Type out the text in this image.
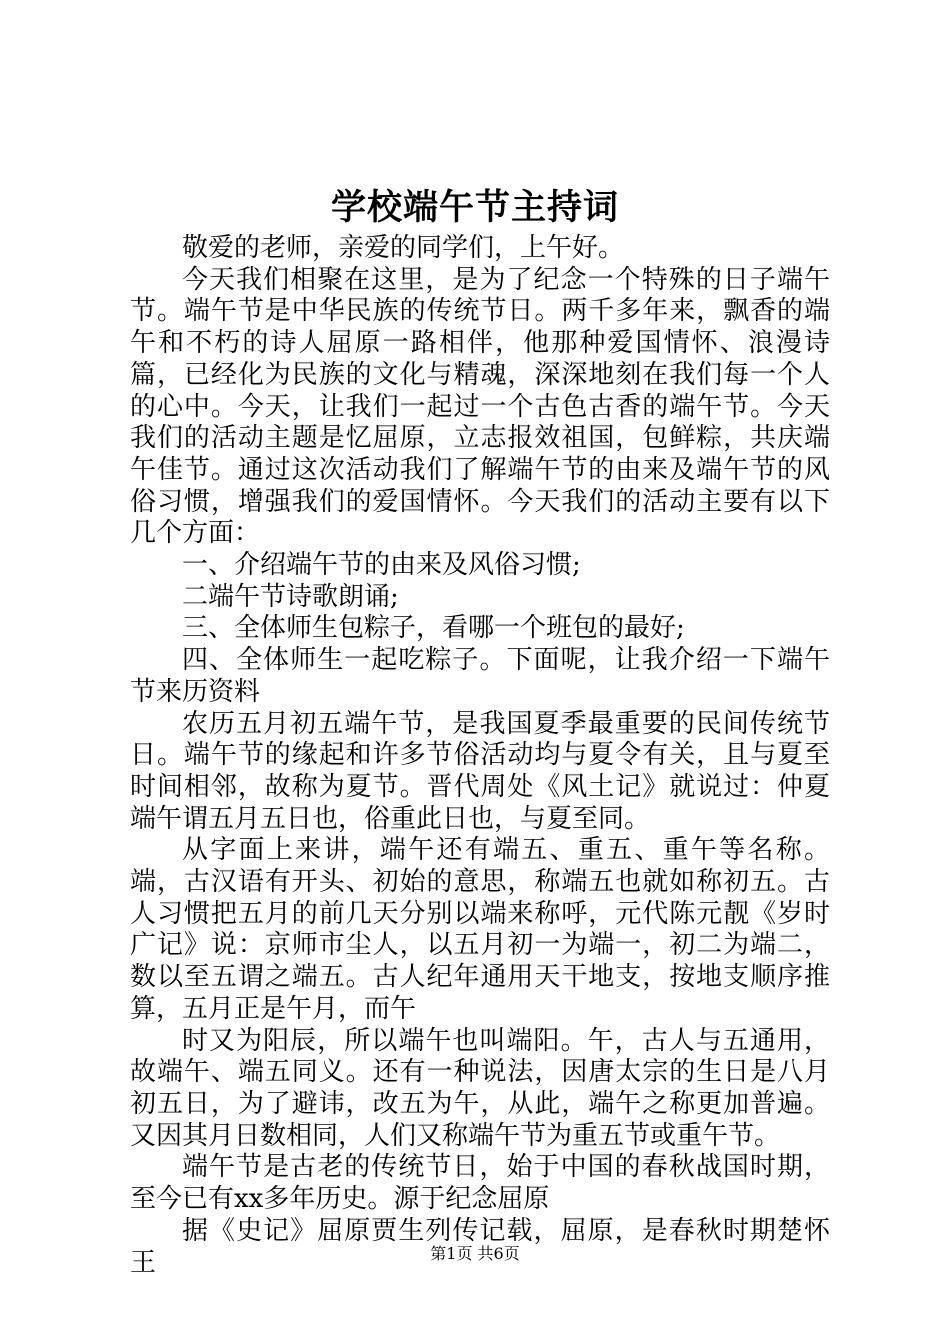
学校端午节主持词

敬爱的老师，亲爱的同学们，上午好。

今天我们相聚在这里，是为了纪念一个特殊的日子端午节。端午节是中华民族的传统节日。两千多年来，飘香的端午和不朽的诗人屈原一路相伴，他那种爱国情怀、浪漫诗篇，已经化为民族的文化与精魂，深深地刻在我们每一个人的心中。今天，让我们一起过一个古色古香的端午节。今天我们的活动主题是忆屈原，立志报效祖国，包鲜粽，共庆端午佳节。通过这次活动我们了解端午节的由来及端午节的风俗习惯，增强我们的爱国情怀。今天我们的活动主要有以下几个方面：

一、介绍端午节的由来及风俗习惯;

二端午节诗歌朗诵;

三、全体师生包粽子，看哪一个班包的最好;

四、全体师生一起吃粽子。下面呢，让我介绍一下端午节来历资料

农历五月初五端午节，是我国夏季最重要的民间传统节日。端午节的缘起和许多节俗活动均与夏令有关，且与夏至时间相邻，故称为夏节。晋代周处《风土记》就说过：仲夏端午谓五月五日也，俗重此日也，与夏至同。

从字面上来讲，端午还有端五、重五、重午等名称。端，古汉语有开头、初始的意思，称端五也就如称初五。古人习惯把五月的前几天分别以端来称呼，元代陈元靓《岁时广记》说：京师市尘人，以五月初一为端一，初二为端二，数以至五谓之端五。古人纪年通用天干地支，按地支顺序推算，五月正是午月，而午

时又为阳辰，所以端午也叫端阳。午，古人与五通用，故端午、端五同义。还有一种说法，因唐太宗的生日是八月初五日，为了避讳，改五为午，从此，端午之称更加普遍。又因其月日数相同，人们又称端午节为重五节或重午节。

端午节是古老的传统节日，始于中国的春秋战国时期，至今已有xx多年历史。源于纪念屈原

据《史记》屈原贾生列传记载，屈原，是春秋时期楚怀王	第1页 共6页
